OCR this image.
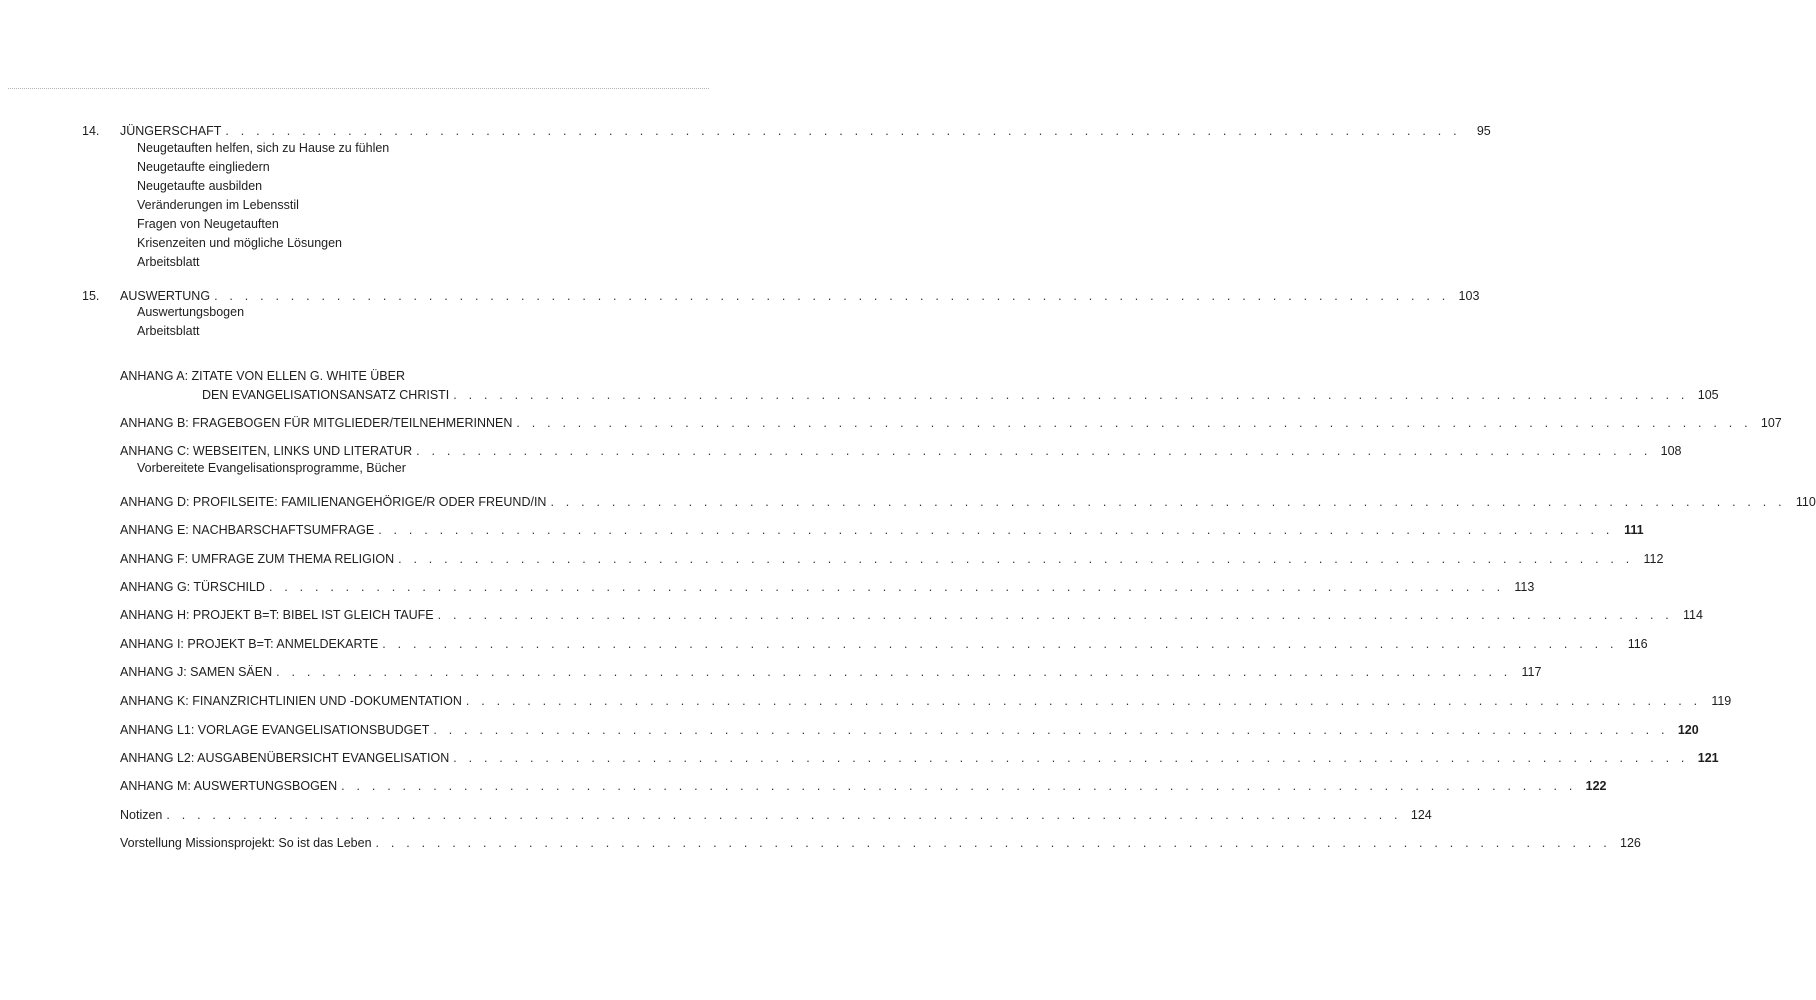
14. JÜNGERSCHAFT . . . . . . . . . . . . . . . . . . . . . . . . . . . . . . . . . . . . . . . . . . . . . . . . . . . . . . . . . . . . . . . . . . . . . . . . . . . . . . . . .	95
Neugetauften helfen, sich zu Hause zu fühlen
Neugetaufte eingliedern
Neugetaufte ausbilden
Veränderungen im Lebensstil
Fragen von Neugetauften
Krisenzeiten und mögliche Lösungen
Arbeitsblatt
15. AUSWERTUNG . . . . . . . . . . . . . . . . . . . . . . . . . . . . . . . . . . . . . . . . . . . . . . . . . . . . . . . . . . . . . . . . . . . . . . . . . . . . . . . . . 103
Auswertungsbogen
Arbeitsblatt
ANHANG A: ZITATE VON ELLEN G. WHITE ÜBER
DEN EVANGELISATIONSANSATZ CHRISTI . . . . . . . . . . . . . . . . . . . . . . . . . . . . . . . . . . . . . . . . . . . . . . . . . . . . . . . . . . . . . . . . . . . . . . . . . . . . . . . . . 105
ANHANG B: FRAGEBOGEN FÜR MITGLIEDER/TEILNEHMERINNEN . . . . . . . . . . . . . . . . . . . . . . . . . . . . . . . . . . . . . . . . . . . . . . . . . . . . . . . . . . . . . . . . . . . . . . . . . . . . . . . . . 107
ANHANG C: WEBSEITEN, LINKS UND LITERATUR . . . . . . . . . . . . . . . . . . . . . . . . . . . . . . . . . . . . . . . . . . . . . . . . . . . . . . . . . . . . . . . . . . . . . . . . . . . . . . . . . 108
Vorbereitete Evangelisationsprogramme, Bücher
ANHANG D: PROFILSEITE: FAMILIENANGEHÖRIGE/R ODER FREUND/IN . . . . . . . . . . . . . . . . . . . . . . . . . . . . . . . . . . . . . . . . . . . . . . . . . . . . . . . . . . . . . . . . . . . . . . . . . . . . . . . . . 110
ANHANG E: NACHBARSCHAFTSUMFRAGE . . . . . . . . . . . . . . . . . . . . . . . . . . . . . . . . . . . . . . . . . . . . . . . . . . . . . . . . . . . . . . . . . . . . . . . . . . . . . . . . . 111
ANHANG F: UMFRAGE ZUM THEMA RELIGION . . . . . . . . . . . . . . . . . . . . . . . . . . . . . . . . . . . . . . . . . . . . . . . . . . . . . . . . . . . . . . . . . . . . . . . . . . . . . . . . . 112
ANHANG G: TÜRSCHILD . . . . . . . . . . . . . . . . . . . . . . . . . . . . . . . . . . . . . . . . . . . . . . . . . . . . . . . . . . . . . . . . . . . . . . . . . . . . . . . . . 113
ANHANG H: PROJEKT B=T: BIBEL IST GLEICH TAUFE . . . . . . . . . . . . . . . . . . . . . . . . . . . . . . . . . . . . . . . . . . . . . . . . . . . . . . . . . . . . . . . . . . . . . . . . . . . . . . . . . 114
ANHANG I: PROJEKT B=T: ANMELDEKARTE . . . . . . . . . . . . . . . . . . . . . . . . . . . . . . . . . . . . . . . . . . . . . . . . . . . . . . . . . . . . . . . . . . . . . . . . . . . . . . . . . 116
ANHANG J: SAMEN SÄEN . . . . . . . . . . . . . . . . . . . . . . . . . . . . . . . . . . . . . . . . . . . . . . . . . . . . . . . . . . . . . . . . . . . . . . . . . . . . . . . . . 117
ANHANG K: FINANZRICHTLINIEN UND -DOKUMENTATION . . . . . . . . . . . . . . . . . . . . . . . . . . . . . . . . . . . . . . . . . . . . . . . . . . . . . . . . . . . . . . . . . . . . . . . . . . . . . . . . . 119
ANHANG L1: VORLAGE EVANGELISATIONSBUDGET . . . . . . . . . . . . . . . . . . . . . . . . . . . . . . . . . . . . . . . . . . . . . . . . . . . . . . . . . . . . . . . . . . . . . . . . . . . . . . . . . 120
ANHANG L2: AUSGABENÜBERSICHT EVANGELISATION . . . . . . . . . . . . . . . . . . . . . . . . . . . . . . . . . . . . . . . . . . . . . . . . . . . . . . . . . . . . . . . . . . . . . . . . . . . . . . . . . 121
ANHANG M: AUSWERTUNGSBOGEN . . . . . . . . . . . . . . . . . . . . . . . . . . . . . . . . . . . . . . . . . . . . . . . . . . . . . . . . . . . . . . . . . . . . . . . . . . . . . . . . . 122
Notizen . . . . . . . . . . . . . . . . . . . . . . . . . . . . . . . . . . . . . . . . . . . . . . . . . . . . . . . . . . . . . . . . . . . . . . . . . . . . . . . . . 124
Vorstellung Missionsprojekt: So ist das Leben . . . . . . . . . . . . . . . . . . . . . . . . . . . . . . . . . . . . . . . . . . . . . . . . . . . . . . . . . . . . . . . . . . . . . . . . . . . . . . . . . 126
